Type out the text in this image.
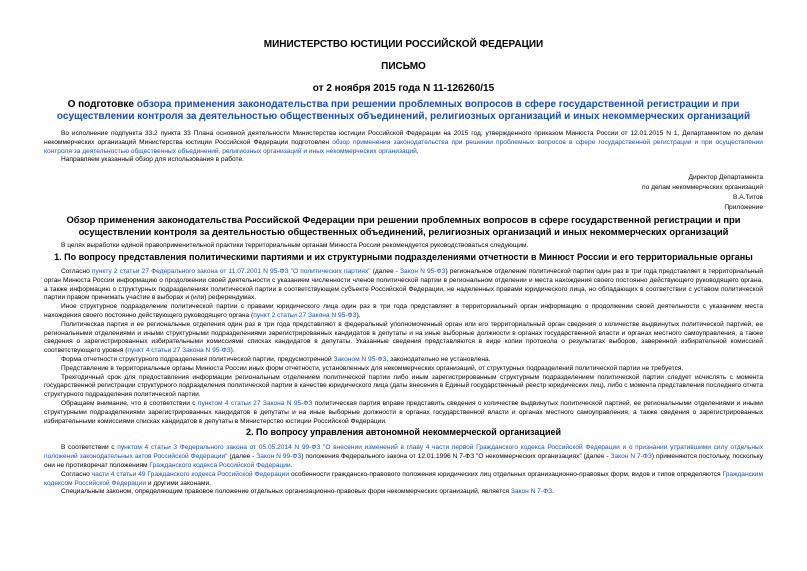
МИНИСТЕРСТВО ЮСТИЦИИ РОССИЙСКОЙ ФЕДЕРАЦИИ
ПИСЬМО
от 2 ноября 2015 года N 11-126260/15
О подготовке обзора применения законодательства при решении проблемных вопросов в сфере государственной регистрации и при осуществлении контроля за деятельностью общественных объединений, религиозных организаций и иных некоммерческих организаций

Во исполнение подпункта 33.2 пункта 33 Плана основной деятельности Министерства юстиции Российской Федерации на 2015 год, утвержденного приказом Минюста России от 12.01.2015 N 1, Департаментом по делам некоммерческих организаций Министерства юстиции Российской Федерации подготовлен обзор применения законодательства при решении проблемных вопросов в сфере государственной регистрации и при осуществлении контроля за деятельностью общественных объединений, религиозных организаций и иных некоммерческих организаций.

Направляем указанный обзор для использования в работе.

Директор Департамента
по делам некоммерческих организаций
В.А.Титов
Приложение
Обзор применения законодательства Российской Федерации при решении проблемных вопросов в сфере государственной регистрации и при осуществлении контроля за деятельностью общественных объединений, религиозных организаций и иных некоммерческих организаций

В целях выработки единой правоприменительной практики территориальным органам Минюста России рекомендуется руководствоваться следующим.

1. По вопросу представления политическими партиями и их структурными подразделениями отчетности в Минюст России и его территориальные органы

Согласно пункту 2 статьи 27 Федерального закона от 11.07.2001 N 95-ФЗ "О политических партиях" (далее - Закон N 95-ФЗ) региональное отделение политической партии один раз в три года представляет в территориальный орган Минюста России информацию о продолжении своей деятельности с указанием численности членов политической партии в региональном отделении и места нахождения своего постоянно действующего руководящего органа, а также информацию о структурных подразделениях политической партии в соответствующем субъекте Российской Федерации, не наделенных правами юридического лица, но обладающих в соответствии с уставом политической партии правом принимать участие в выборах и (или) референдумах.

Иное структурное подразделение политической партии с правами юридического лица один раз в три года представляет в территориальный орган информацию о продолжении своей деятельности с указанием места нахождения своего постоянно действующего руководящего органа (пункт 2 статьи 27 Закона N 95-ФЗ).

Политическая партия и ее региональные отделения один раз в три года представляют в федеральный уполномоченный орган или его территориальный орган сведения о количестве выдвинутых политической партией, ее региональными отделениями и иными структурными подразделениями зарегистрированных кандидатов в депутаты и на иные выборные должности в органах государственной власти и органах местного самоуправления, а также сведения о зарегистрированных избирательными комиссиями списках кандидатов в депутаты. Указанные сведения представляются в виде копии протокола о результатах выборов, заверенной избирательной комиссией соответствующего уровня (пункт 4 статьи 27 Закона N 95-ФЗ).

Форма отчетности структурного подразделения политической партии, предусмотренной Законом N 95-ФЗ, законодательно не установлена.

Представление в территориальные органы Минюста России иных форм отчетности, установленных для некоммерческих организаций, от структурных подразделений политической партии не требуется.

Трехгодичный срок для предоставления информации региональным отделением политической партии либо иным зарегистрированным структурным подразделением политической партии следует исчислять с момента государственной регистрации структурного подразделения политической партии в качестве юридического лица (даты внесения в Единый государственный реестр юридических лиц), либо с момента представления последнего отчета структурного подразделения политической партии.

Обращаем внимание, что в соответствии с пунктом 4 статьи 27 Закона N 95-ФЗ политическая партия вправе представить сведения о количестве выдвинутых политической партией, ее региональными отделениями и иными структурными подразделениями зарегистрированных кандидатов в депутаты и на иные выборные должности в органах государственной власти и органах местного самоуправления, а также сведения о зарегистрированных избирательными комиссиями списках кандидатов в депутаты в Министерство юстиции Российской Федерации.

2. По вопросу управления автономной некоммерческой организацией

В соответствии с пунктом 4 статьи 3 Федерального закона от 05.05.2014 N 99-ФЗ "О внесении изменений в главу 4 части первой Гражданского кодекса Российской Федерации и о признании утратившими силу отдельных положений законодательных актов Российской Федерации" (далее - Закон N 99-ФЗ) положения Федерального закона от 12.01.1996 N 7-ФЗ "О некоммерческих организациях" (далее - Закон N 7-ФЗ) применяются постольку, поскольку они не противоречат положениям Гражданского кодекса Российской Федерации.

Согласно части 4 статьи 49 Гражданского кодекса Российской Федерации особенности гражданско-правового положения юридических лиц отдельных организационно-правовых форм, видов и типов определяются Гражданским кодексом Российской Федерации и другими законами.

Специальным законом, определяющим правовое положение отдельных организационно-правовых форм некоммерческих организаций, является Закон N 7-ФЗ.
